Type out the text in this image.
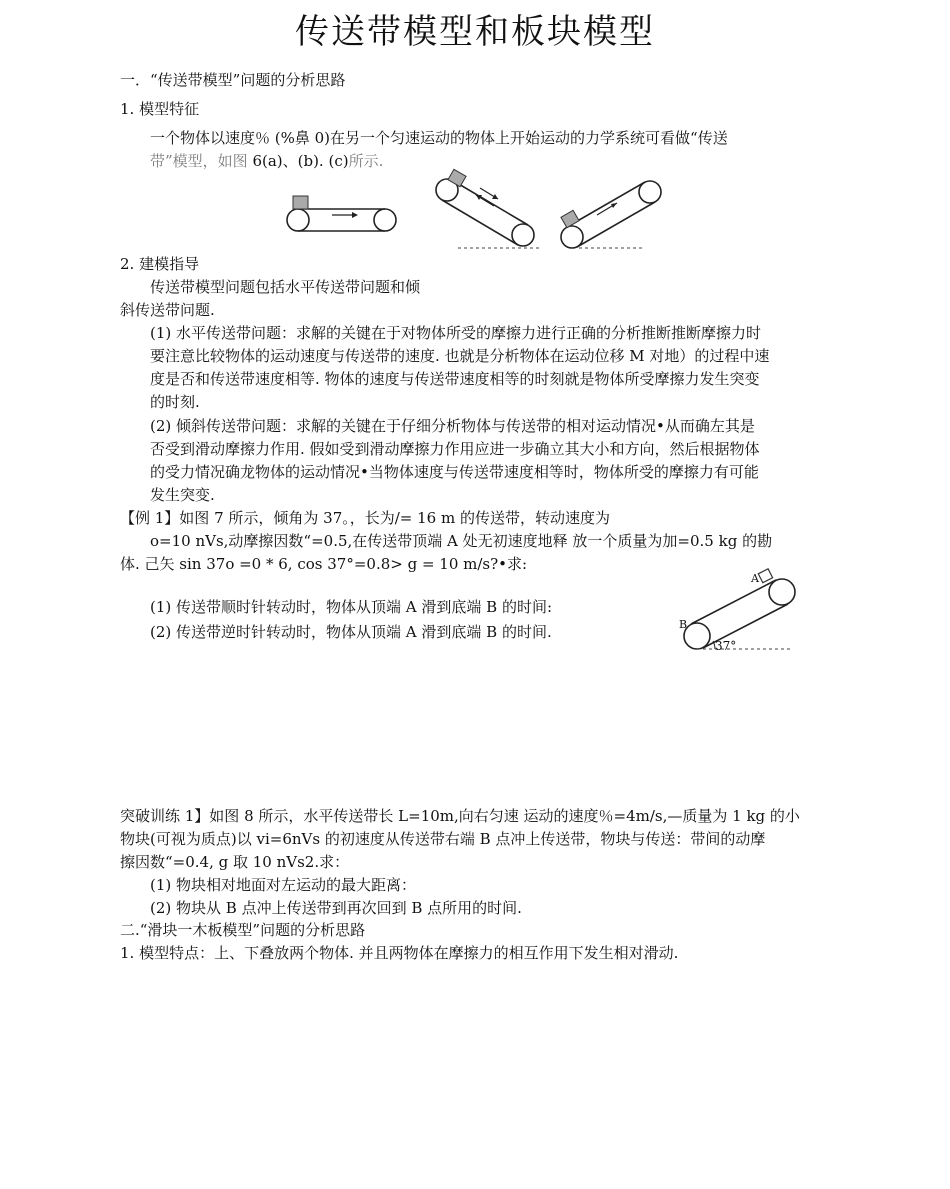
传送带模型和板块模型
一．“传送带模型”问题的分析思路
1. 模型特征
一个物体以速度％ (%鼻 0)在另一个匀速运动的物体上开始运动的力学系统可看做“传送
带”模型，如图 6(a)、(b). (c)所示.
2. 建模指导
传送带模型问题包括水平传送带问题和倾
斜传送带问题.
(1) 水平传送带问题：求解的关键在于对物体所受的摩擦力进行正确的分析推断推断摩擦力时
要注意比较物体的运动速度与传送带的速度. 也就是分析物体在运动位移 M 对地）的过程中速
度是否和传送带速度相等. 物体的速度与传送带速度相等的时刻就是物体所受摩擦力发生突变
的时刻.
(2) 倾斜传送带问题：求解的关键在于仔细分析物体与传送带的相对运动情况•从而确左其是
否受到滑动摩擦力作用. 假如受到滑动摩擦力作用应进一步确立其大小和方向，然后根据物体
的受力情况确龙物体的运动情况•当物体速度与传送带速度相等时，物体所受的摩擦力有可能
发生突变.
【例 1】如图 7 所示，倾角为 37。，长为/= 16 m 的传送带，转动速度为
o=10 nVs,动摩擦因数“=0.5,在传送带顶端 A 处无初速度地释 放一个质量为加=0.5 kg 的勘
体. 己矢 sin 37o =0 * 6, cos 37°=0.8> g = 10 m/s?•求:
(1) 传送带顺时针转动时，物体从顶端 A 滑到底端 B 的时间:
(2) 传送带逆时针转动时，物体从顶端 A 滑到底端 B 的时间.
A
B
37°
突破训练 1】如图 8 所示，水平传送带长 L=10m,向右匀速 运动的速度％=4m/s,—质量为 1 kg 的小
物块(可视为质点)以 vi=6nVs 的初速度从传送带右端 B 点冲上传送带，物块与传送：带间的动摩
擦因数“=0.4, g 取 10 nVs2.求：
(1) 物块相对地面对左运动的最大距离：
(2) 物块从 B 点冲上传送带到再次回到 B 点所用的时间.
二.“滑块一木板模型”问题的分析思路
1. 模型特点：上、下叠放两个物体. 并且两物体在摩擦力的相互作用下发生相对滑动.
